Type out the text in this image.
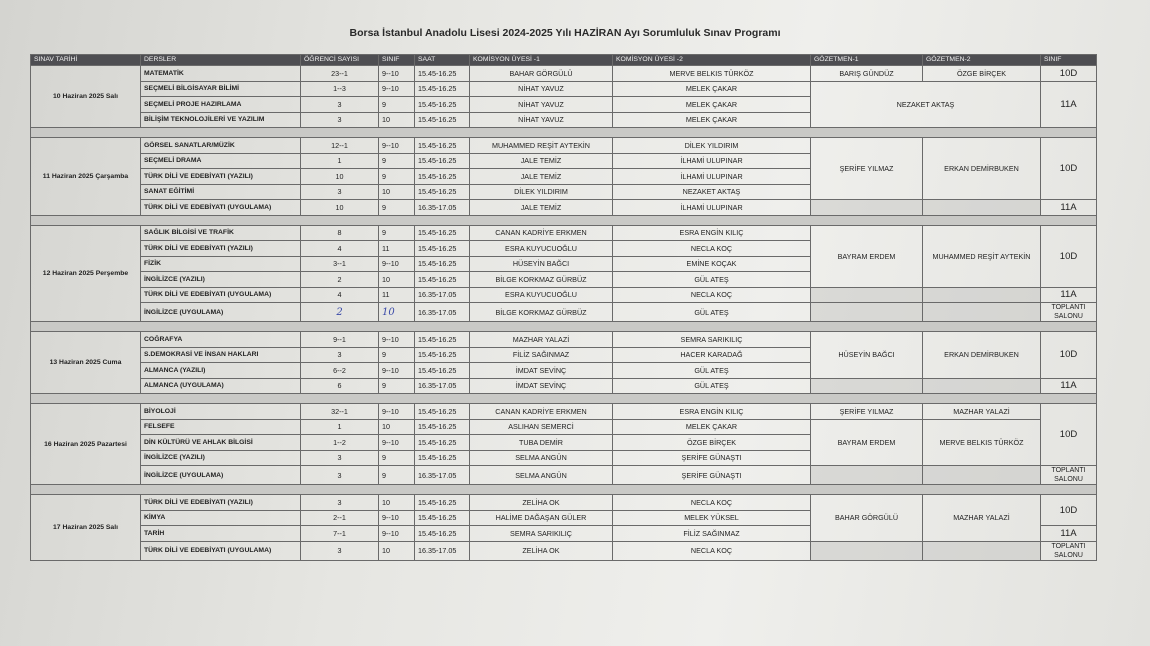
Borsa İstanbul Anadolu Lisesi 2024-2025 Yılı HAZİRAN Ayı Sorumluluk Sınav Programı
SINAV TARİHİ	DERSLER	ÖĞRENCİ SAYISI	SINIF	SAAT	KOMİSYON ÜYESİ -1	KOMİSYON ÜYESİ -2	GÖZETMEN-1	GÖZETMEN-2	SINIF
10 Haziran 2025 Salı	MATEMATİK	23--1	9--10	15.45-16.25	BAHAR GÖRGÜLÜ	MERVE BELKIS TÜRKÖZ	BARIŞ GÜNDÜZ	ÖZGE BİRÇEK	10D
	SEÇMELİ BİLGİSAYAR BİLİMİ	1--3	9--10	15.45-16.25	NİHAT YAVUZ	MELEK ÇAKAR	NEZAKET AKTAŞ		11A
	SEÇMELİ PROJE HAZIRLAMA	3	9	15.45-16.25	NİHAT YAVUZ	MELEK ÇAKAR			
	BİLİŞİM TEKNOLOJİLERİ VE YAZILIM	3	10	15.45-16.25	NİHAT YAVUZ	MELEK ÇAKAR			

11 Haziran 2025 Çarşamba	GÖRSEL SANATLAR/MÜZİK	12--1	9--10	15.45-16.25	MUHAMMED REŞİT AYTEKİN	DİLEK YILDIRIM	ŞERİFE YILMAZ	ERKAN DEMİRBUKEN	10D
	SEÇMELİ DRAMA	1	9	15.45-16.25	JALE TEMİZ	İLHAMİ ULUPINAR			
	TÜRK DİLİ VE EDEBİYATI (YAZILI)	10	9	15.45-16.25	JALE TEMİZ	İLHAMİ ULUPINAR			
	SANAT EĞİTİMİ	3	10	15.45-16.25	DİLEK YILDIRIM	NEZAKET AKTAŞ			
	TÜRK DİLİ VE EDEBİYATI (UYGULAMA)	10	9	16.35-17.05	JALE TEMİZ	İLHAMİ ULUPINAR			11A

12 Haziran 2025 Perşembe	SAĞLIK BİLGİSİ VE TRAFİK	8	9	15.45-16.25	CANAN KADRİYE ERKMEN	ESRA ENGİN KILIÇ	BAYRAM ERDEM	MUHAMMED REŞİT AYTEKİN	10D
	TÜRK DİLİ VE EDEBİYATI (YAZILI)	4	11	15.45-16.25	ESRA KUYUCUOĞLU	NECLA KOÇ			
	FİZİK	3--1	9--10	15.45-16.25	HÜSEYİN BAĞCI	EMİNE KOÇAK			
	İNGİLİZCE (YAZILI)	2	10	15.45-16.25	BİLGE KORKMAZ GÜRBÜZ	GÜL ATEŞ			
	TÜRK DİLİ VE EDEBİYATI (UYGULAMA)	4	11	16.35-17.05	ESRA KUYUCUOĞLU	NECLA KOÇ			11A
	İNGİLİZCE (UYGULAMA)	2	10	16.35-17.05	BİLGE KORKMAZ GÜRBÜZ	GÜL ATEŞ			TOPLANTI SALONU

13 Haziran 2025 Cuma	COĞRAFYA	9--1	9--10	15.45-16.25	MAZHAR YALAZİ	SEMRA SARIKILIÇ	HÜSEYİN BAĞCI	ERKAN DEMİRBUKEN	10D
	S.DEMOKRASİ VE İNSAN HAKLARI	3	9	15.45-16.25	FİLİZ SAĞINMAZ	HACER KARADAĞ			
	ALMANCA (YAZILI)	6--2	9--10	15.45-16.25	İMDAT SEVİNÇ	GÜL ATEŞ			
	ALMANCA (UYGULAMA)	6	9	16.35-17.05	İMDAT SEVİNÇ	GÜL ATEŞ			11A

16 Haziran 2025 Pazartesi	BİYOLOJİ	32--1	9--10	15.45-16.25	CANAN KADRİYE ERKMEN	ESRA ENGİN KILIÇ	ŞERİFE YILMAZ	MAZHAR YALAZİ	10D
	FELSEFE	1	10	15.45-16.25	ASLIHAN SEMERCİ	MELEK ÇAKAR	BAYRAM ERDEM	MERVE BELKIS TÜRKÖZ	
	DİN KÜLTÜRÜ VE AHLAK BİLGİSİ	1--2	9--10	15.45-16.25	TUBA DEMİR	ÖZGE BİRÇEK			
	İNGİLİZCE (YAZILI)	3	9	15.45-16.25	SELMA ANGÜN	ŞERİFE GÜNAŞTI			
	İNGİLİZCE (UYGULAMA)	3	9	16.35-17.05	SELMA ANGÜN	ŞERİFE GÜNAŞTI			TOPLANTI SALONU

17 Haziran 2025 Salı	TÜRK DİLİ VE EDEBİYATI (YAZILI)	3	10	15.45-16.25	ZELİHA OK	NECLA KOÇ	BAHAR GÖRGÜLÜ	MAZHAR YALAZİ	10D
	KİMYA	2--1	9--10	15.45-16.25	HALİME DAĞAŞAN GÜLER	MELEK YÜKSEL			
	TARİH	7--1	9--10	15.45-16.25	SEMRA SARIKILIÇ	FİLİZ SAĞINMAZ			11A
	TÜRK DİLİ VE EDEBİYATI (UYGULAMA)	3	10	16.35-17.05	ZELİHA OK	NECLA KOÇ			TOPLANTI SALONU
